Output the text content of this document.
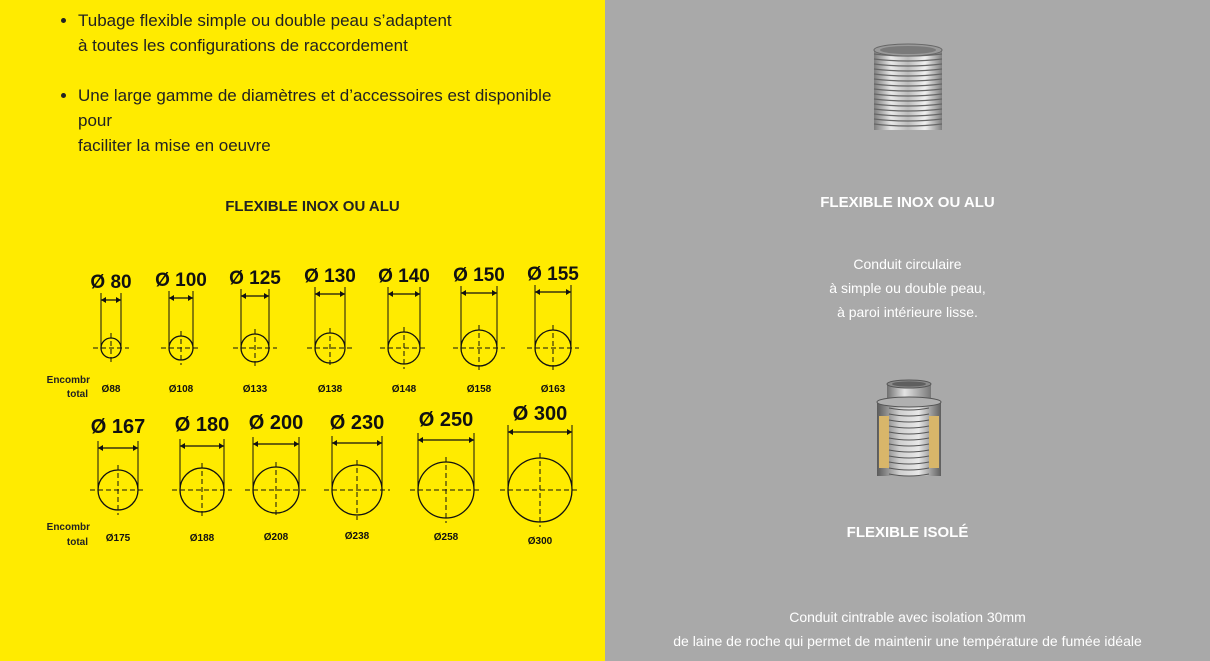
• Tubage flexible simple ou double peau s’adaptent
à toutes les configurations de raccordement
• Une large gamme de diamètres et d’accessoires est disponible
pour
faciliter la mise en oeuvre
FLEXIBLE INOX OU ALU
Encombr
total
Encombr
total
Ø 80
Ø88
Ø 100
Ø108
Ø 125
Ø133
Ø 130
Ø138
Ø 140
Ø148
Ø 150
Ø158
Ø 155
Ø163
Ø 167
Ø175
Ø 180
Ø188
Ø 200
Ø208
Ø 230
Ø238
Ø 250
Ø258
Ø 300
Ø300
FLEXIBLE INOX OU ALU
Conduit circulaire
à simple ou double peau,
à paroi intérieure lisse.
FLEXIBLE ISOLÉ
Conduit cintrable avec isolation 30mm
de laine de roche qui permet de maintenir une température de fumée idéale
